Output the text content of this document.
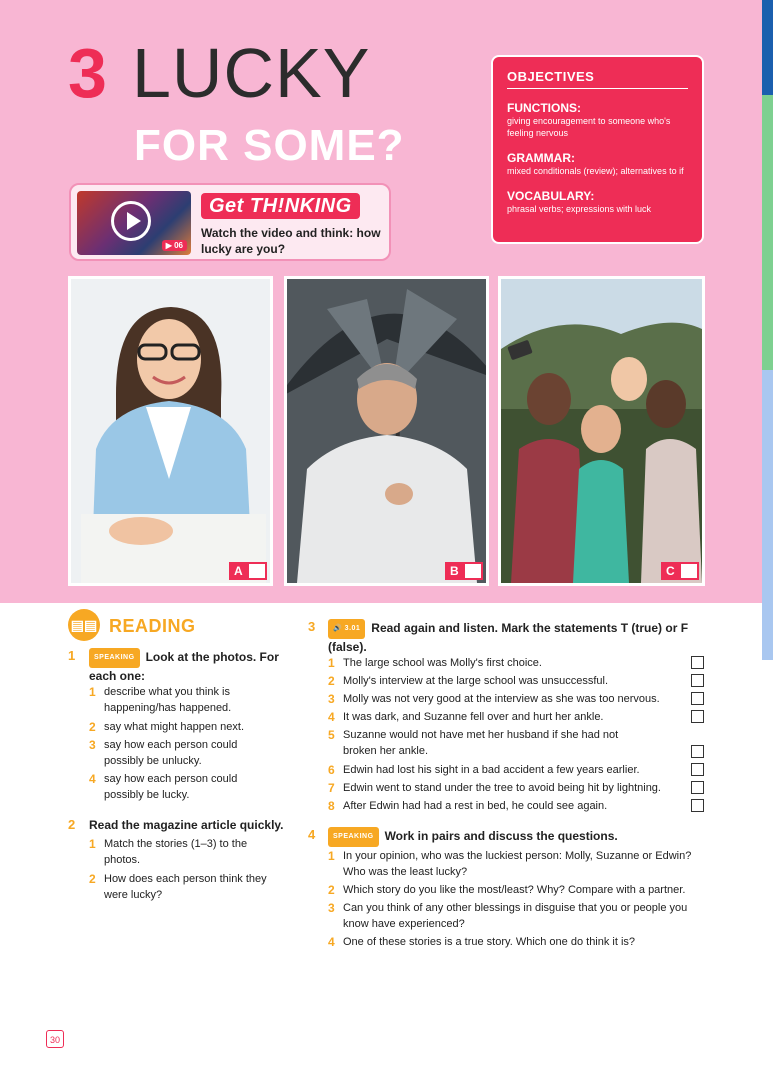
3 LUCKY
FOR SOME?
▶ 06
Get TH!NKING
Watch the video and think: how lucky are you?
OBJECTIVES
FUNCTIONS:
giving encouragement to someone who's feeling nervous
GRAMMAR:
mixed conditionals (review); alternatives to if
VOCABULARY:
phrasal verbs; expressions with luck
A	B	C
▤▤ READING
1	SPEAKING Look at the photos. For each one:
1 describe what you think is happening/has happened.
2 say what might happen next.
3 say how each person could possibly be unlucky.
4 say how each person could possibly be lucky.
2 Read the magazine article quickly.
1 Match the stories (1–3) to the photos.
2 How does each person think they were lucky?
3	🔊 3.01 Read again and listen. Mark the statements T (true) or F (false).
1 The large school was Molly's first choice.
2 Molly's interview at the large school was unsuccessful.
3 Molly was not very good at the interview as she was too nervous.
4 It was dark, and Suzanne fell over and hurt her ankle.
5 Suzanne would not have met her husband if she had not broken her ankle.
6 Edwin had lost his sight in a bad accident a few years earlier.
7 Edwin went to stand under the tree to avoid being hit by lightning.
8 After Edwin had had a rest in bed, he could see again.
4	SPEAKING Work in pairs and discuss the questions.
1 In your opinion, who was the luckiest person: Molly, Suzanne or Edwin? Who was the least lucky?
2 Which story do you like the most/least? Why? Compare with a partner.
3 Can you think of any other blessings in disguise that you or people you know have experienced?
4 One of these stories is a true story. Which one do think it is?
30
